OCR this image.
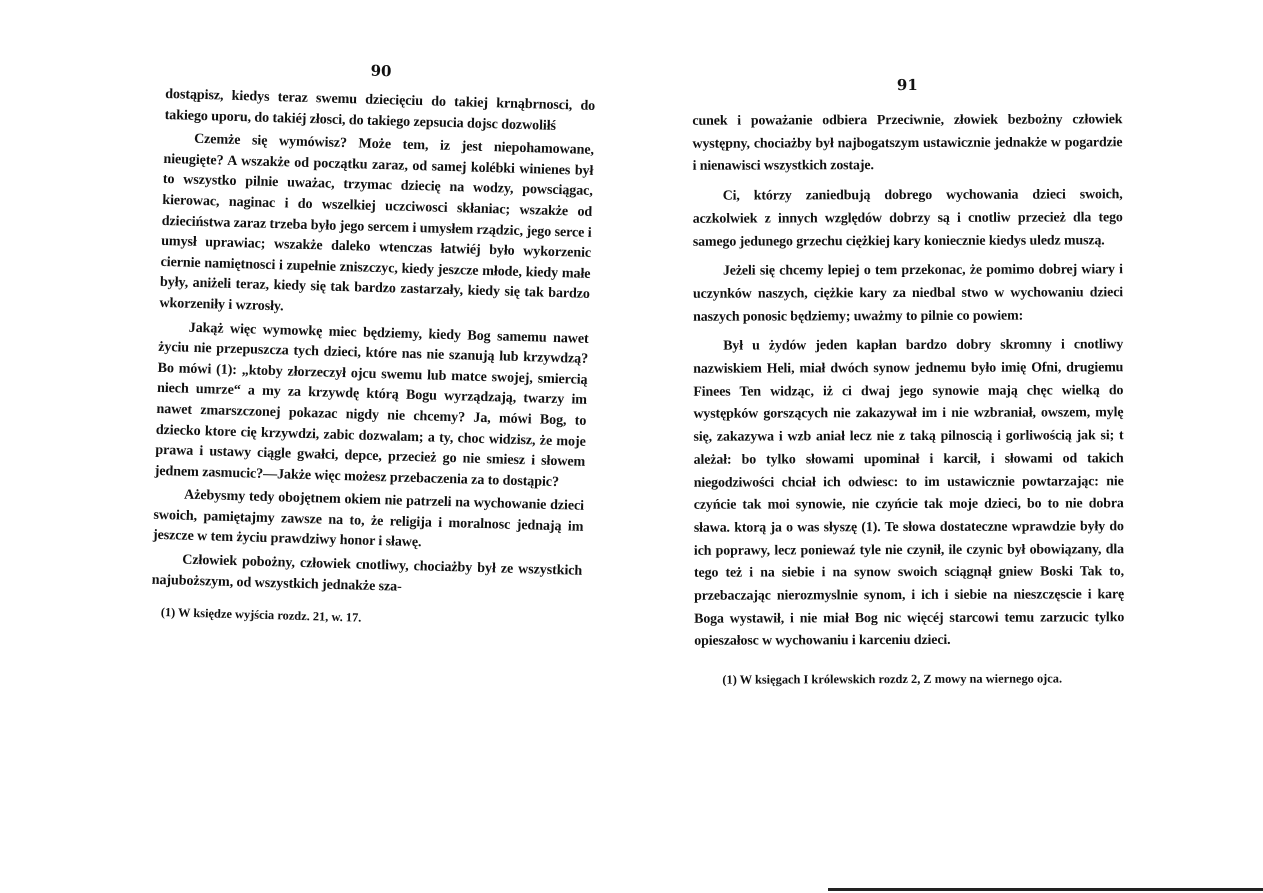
90

dostąpisz, kiedys teraz swemu dziecięciu do takiej krnąbrnosci, do takiego uporu, do takiéj złosci, do takiego zepsucia dojsc dozwoliłś

Czemże się wymówisz? Może tem, iz jest niepohamowane, nieugięte? A wszakże od początku zaraz, od samej kolébki winienes był to wszystko pilnie uważac, trzymac dziecię na wodzy, powsciągac, kierowac, naginac i do wszelkiej uczciwosci skłaniac; wszakże od dzieciństwa zaraz trzeba było jego sercem i umysłem rządzic, jego serce i umysł uprawiac; wszakże daleko wtenczas łatwiéj było wykorzenic ciernie namiętnosci i zupełnie zniszczyc, kiedy jeszcze młode, kiedy małe były, aniżeli teraz, kiedy się tak bardzo zastarzały, kiedy się tak bardzo wkorzeniły i wzrosły.

Jakąż więc wymowkę miec będziemy, kiedy Bog samemu nawet życiu nie przepuszcza tych dzieci, które nas nie szanują lub krzywdzą? Bo mówi (1): „ktoby złorzeczył ojcu swemu lub matce swojej, smiercią niech umrze“ a my za krzywdę którą Bogu wyrządzają, twarzy im nawet zmarszczonej pokazac nigdy nie chcemy? Ja, mówi Bog, to dziecko ktore cię krzywdzi, zabic dozwalam; a ty, choc widzisz, że moje prawa i ustawy ciągle gwałci, depce, przecież go nie smiesz i słowem jednem zasmucic?—Jakże więc możesz przebaczenia za to dostąpic?

Ażebysmy tedy obojętnem okiem nie patrzeli na wychowanie dzieci swoich, pamiętajmy zawsze na to, że religija i moralnosc jednają im jeszcze w tem życiu prawdziwy honor i sławę.

Człowiek pobożny, człowiek cnotliwy, chociażby był ze wszystkich najuboższym, od wszystkich jednakże sza-

(1) W księdze wyjścia rozdz. 21, w. 17.
91

cunek i poważanie odbiera Przeciwnie, złowiek bezbożny człowiek występny, chociażby był najbogatszym ustawicznie jednakże w pogardzie i nienawisci wszystkich zostaje.

Ci, którzy zaniedbują dobrego wychowania dzieci swoich, aczkolwiek z innych względów dobrzy są i cnotliw przecież dla tego samego jedunego grzechu ciężkiej kary koniecznie kiedys uledz muszą.

Jeżeli się chcemy lepiej o tem przekonac, że pomimo dobrej wiary i uczynków naszych, ciężkie kary za niedbal stwo w wychowaniu dzieci naszych ponosic będziemy; uważmy to pilnie co powiem:

Był u żydów jeden kapłan bardzo dobry skromny i cnotliwy nazwiskiem Heli, miał dwóch synow jednemu było imię Ofni, drugiemu Finees Ten widząc, iż ci dwaj jego synowie mają chęc wielką do występków gorszących nie zakazywał im i nie wzbraniał, owszem, mylę się, zakazywa i wzb aniał lecz nie z taką pilnoscią i gorliwością jak si; t ależał: bo tylko słowami upominał i karcił, i słowami od takich niegodziwości chciał ich odwiesc: to im ustawicznie powtarzając: nie czyńcie tak moi synowie, nie czyńcie tak moje dzieci, bo to nie dobra sława. ktorą ja o was słyszę (1). Te słowa dostateczne wprawdzie były do ich poprawy, lecz poniewaź tyle nie czynił, ile czynic był obowiązany, dla tego też i na siebie i na synow swoich sciągnął gniew Boski Tak to, przebaczając nierozmyslnie synom, i ich i siebie na nieszczęscie i karę Boga wystawił, i nie miał Bog nic więcéj starcowi temu zarzucic tylko opieszałosc w wychowaniu i karceniu dzieci.

(1) W księgach I królewskich rozdz 2, Z mowy na wiernego ojca.
